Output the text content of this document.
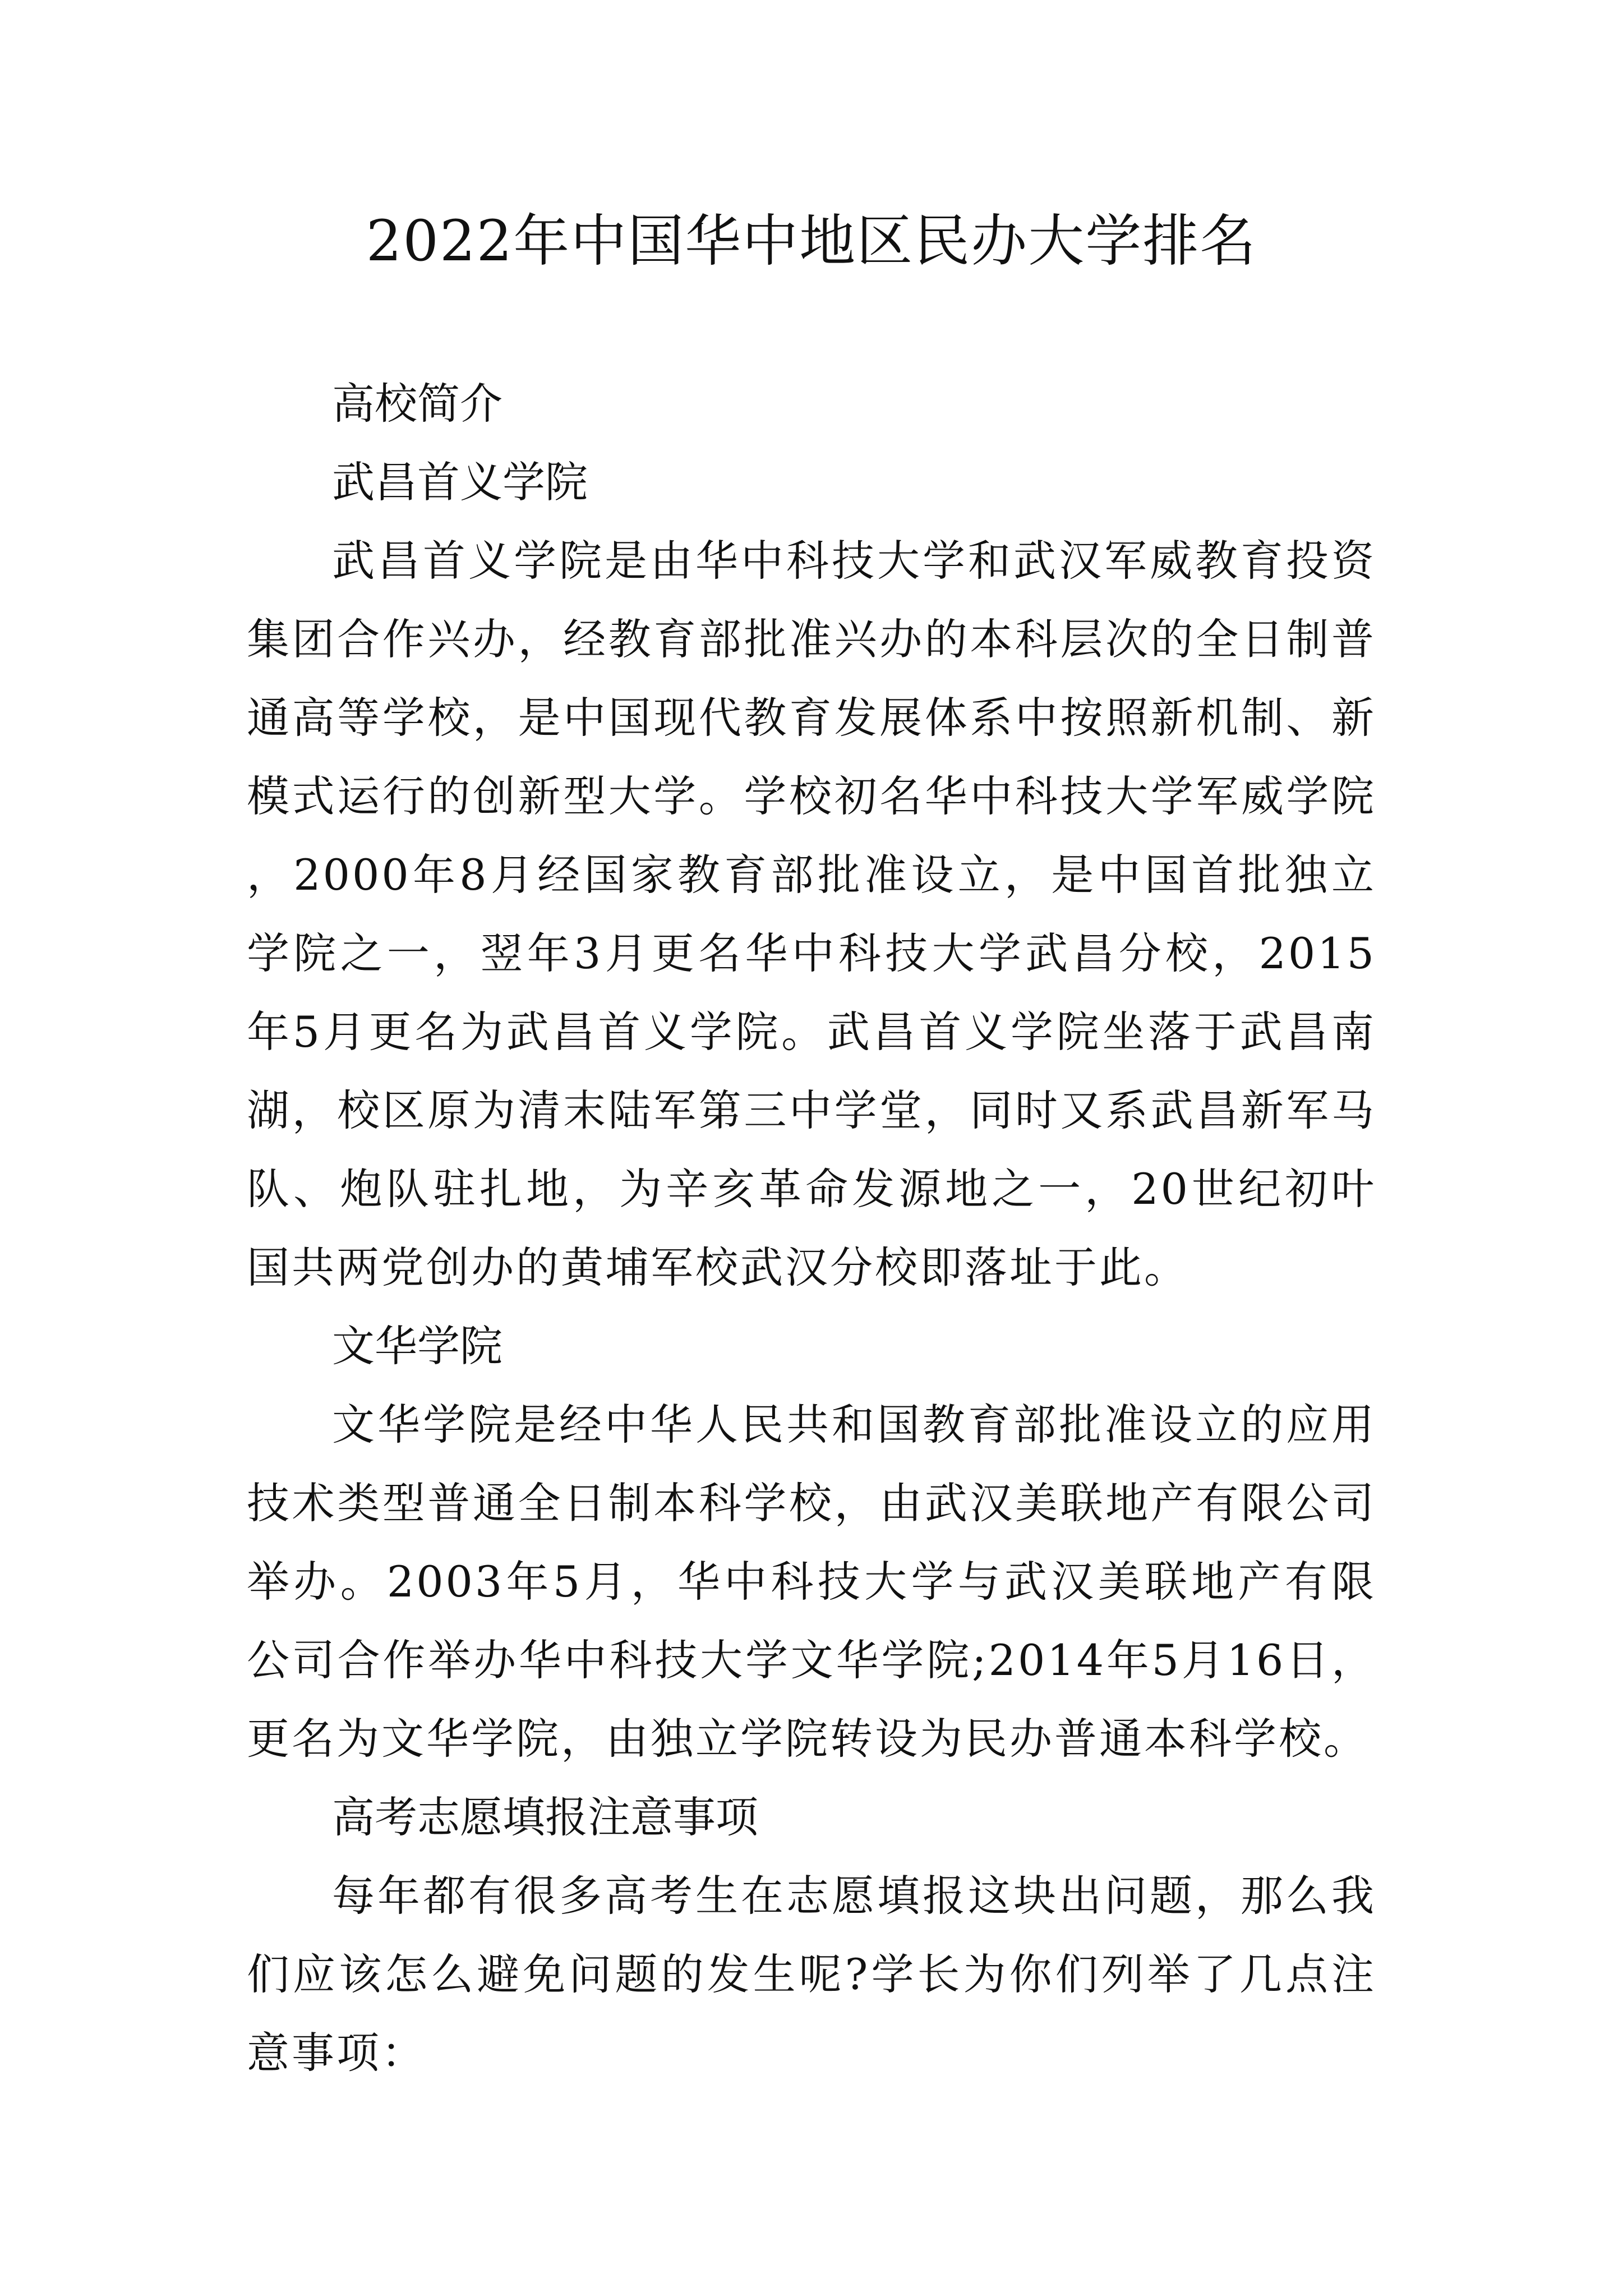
2022年中国华中地区民办大学排名

高校简介

武昌首义学院

武昌首义学院是由华中科技大学和武汉军威教育投资集团合作兴办，经教育部批准兴办的本科层次的全日制普通高等学校，是中国现代教育发展体系中按照新机制、新模式运行的创新型大学。学校初名华中科技大学军威学院，2000年8月经国家教育部批准设立，是中国首批独立学院之一，翌年3月更名华中科技大学武昌分校，2015年5月更名为武昌首义学院。武昌首义学院坐落于武昌南湖，校区原为清末陆军第三中学堂，同时又系武昌新军马队、炮队驻扎地，为辛亥革命发源地之一，20世纪初叶国共两党创办的黄埔军校武汉分校即落址于此。

文华学院

文华学院是经中华人民共和国教育部批准设立的应用技术类型普通全日制本科学校，由武汉美联地产有限公司举办。2003年5月，华中科技大学与武汉美联地产有限公司合作举办华中科技大学文华学院;2014年5月16日，更名为文华学院，由独立学院转设为民办普通本科学校。

高考志愿填报注意事项

每年都有很多高考生在志愿填报这块出问题，那么我们应该怎么避免问题的发生呢?学长为你们列举了几点注意事项：
